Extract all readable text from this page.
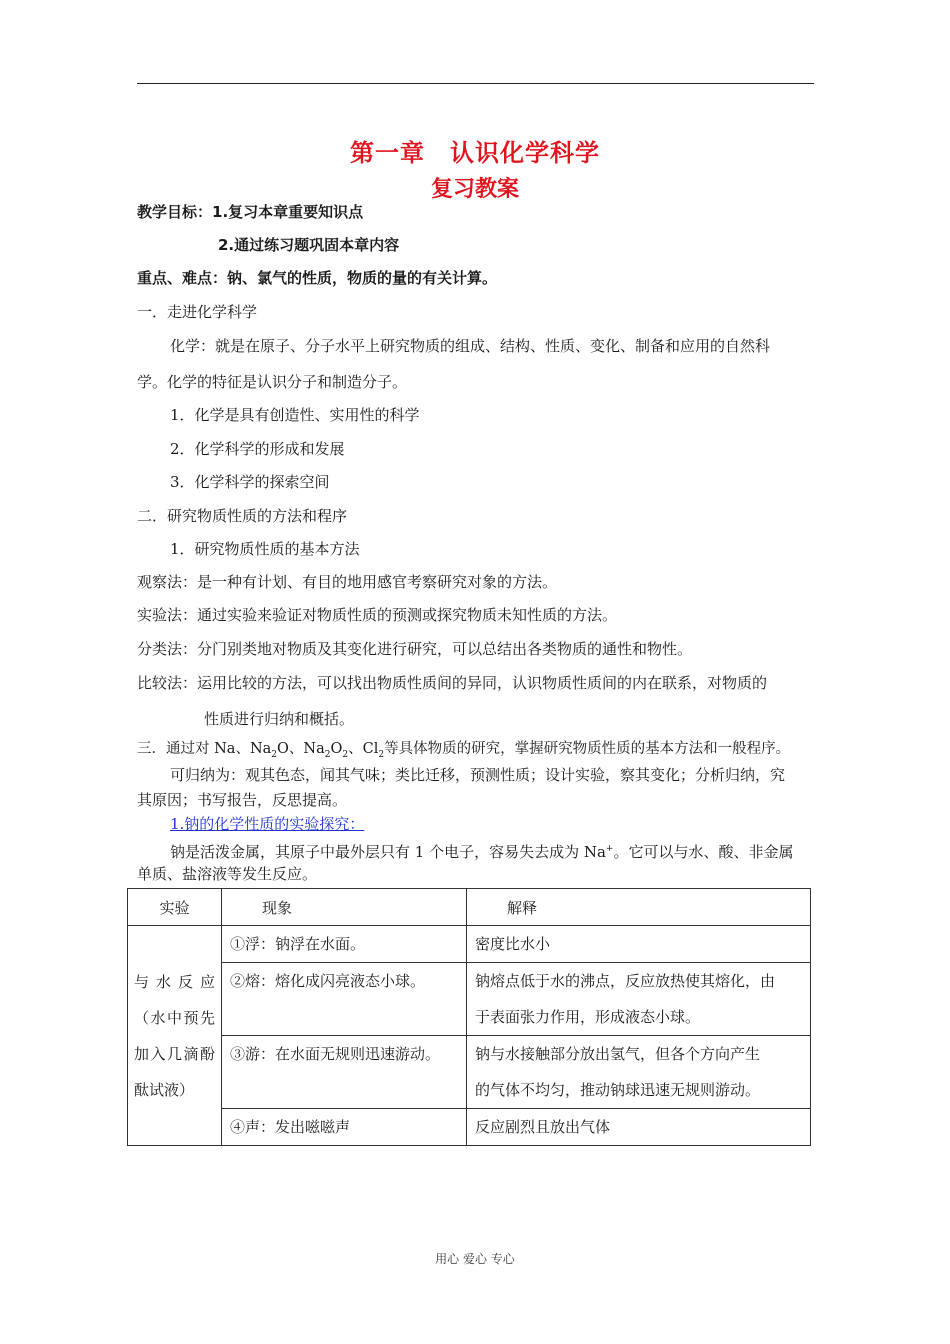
第一章　认识化学科学
复习教案
教学目标：1.复习本章重要知识点
2.通过练习题巩固本章内容
重点、难点：钠、氯气的性质，物质的量的有关计算。
一．走进化学科学
化学：就是在原子、分子水平上研究物质的组成、结构、性质、变化、制备和应用的自然科
学。化学的特征是认识分子和制造分子。
1．化学是具有创造性、实用性的科学
2．化学科学的形成和发展
3．化学科学的探索空间
二．研究物质性质的方法和程序
1．研究物质性质的基本方法
观察法：是一种有计划、有目的地用感官考察研究对象的方法。
实验法：通过实验来验证对物质性质的预测或探究物质未知性质的方法。
分类法：分门别类地对物质及其变化进行研究，可以总结出各类物质的通性和物性。
比较法：运用比较的方法，可以找出物质性质间的异同，认识物质性质间的内在联系，对物质的
性质进行归纳和概括。
三．通过对 Na、$Na_2O$、$Na_2O_2$、$Cl_2$等具体物质的研究，掌握研究物质性质的基本方法和一般程序。
可归纳为：观其色态，闻其气味；类比迁移，预测性质；设计实验，察其变化；分析归纳，究
其原因；书写报告，反思提高。
1.钠的化学性质的实验探究：
钠是活泼金属，其原子中最外层只有 1 个电子，容易失去成为 Na+。它可以与水、酸、非金属
单质、盐溶液等发生反应。
实验	现象	解释
与水反应（水中预先加入几滴酚酞试液）	①浮：钠浮在水面。	密度比水小
	②熔：熔化成闪亮液态小球。	钠熔点低于水的沸点，反应放热使其熔化，由
于表面张力作用，形成液态小球。

	③游：在水面无规则迅速游动。	钠与水接触部分放出氢气，但各个方向产生
的气体不均匀，推动钠球迅速无规则游动。

	④声：发出嗞嗞声	反应剧烈且放出气体
用心 爱心 专心
